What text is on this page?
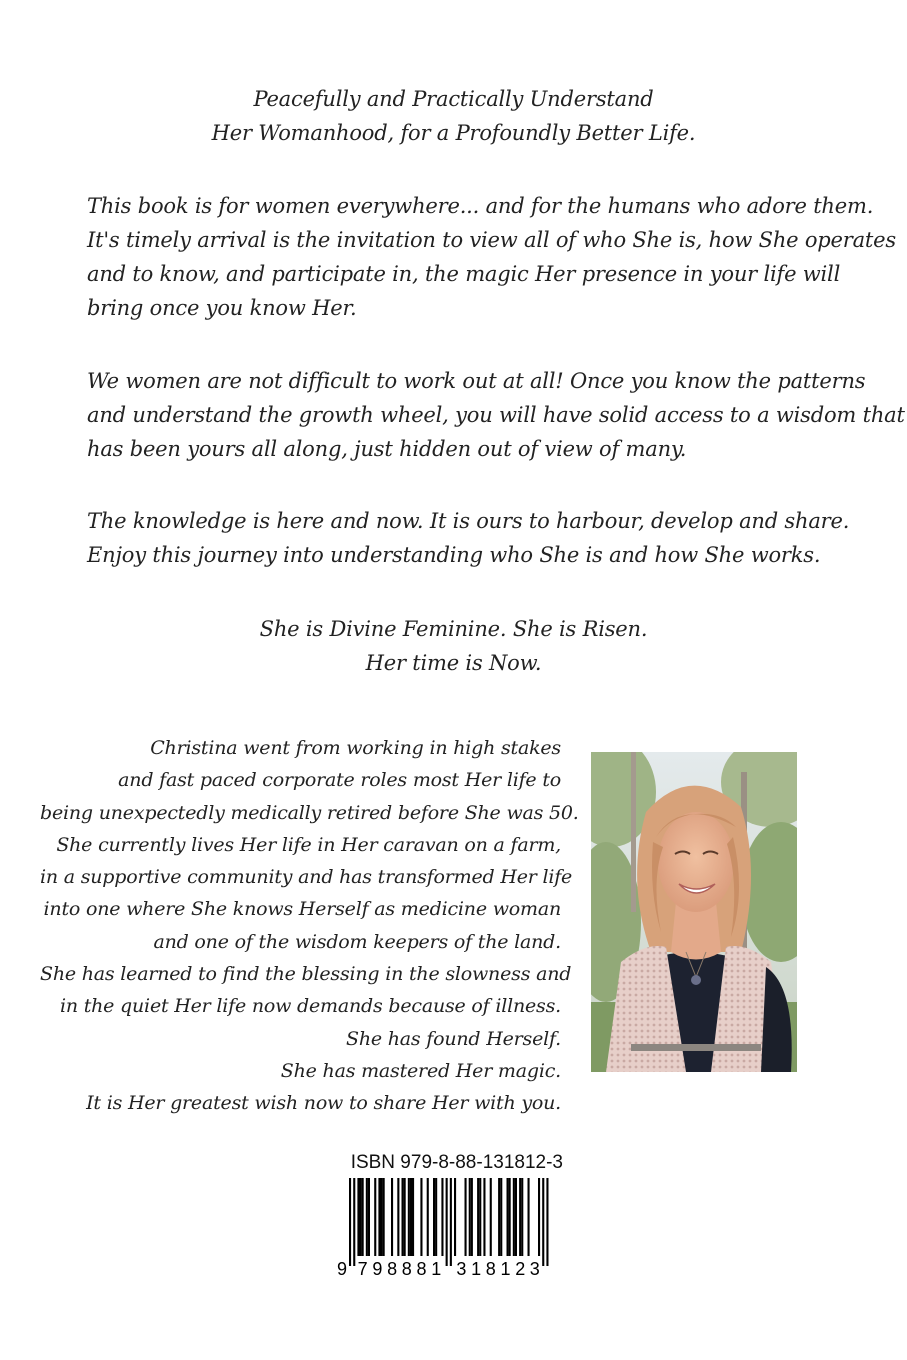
Peacefully and Practically Understand
Her Womanhood, for a Profoundly Better Life.
This book is for women everywhere... and for the humans who adore them.
It's timely arrival is the invitation to view all of who She is, how She operates
and to know, and participate in, the magic Her presence in your life will
bring once you know Her.
We women are not difficult to work out at all! Once you know the patterns
and understand the growth wheel, you will have solid access to a wisdom that
has been yours all along, just hidden out of view of many.
The knowledge is here and now. It is ours to harbour, develop and share.
Enjoy this journey into understanding who She is and how She works.
She is Divine Feminine. She is Risen.
Her time is Now.
Christina went from working in high stakes
and fast paced corporate roles most Her life to
being unexpectedly medically retired before She was 50.
She currently lives Her life in Her caravan on a farm,
in a supportive community and has transformed Her life
into one where She knows Herself as medicine woman
and one of the wisdom keepers of the land.
She has learned to find the blessing in the slowness and
in the quiet Her life now demands because of illness.
She has found Herself.
She has mastered Her magic.
It is Her greatest wish now to share Her with you.
ISBN 979-8-88-131812-3
9 7 9 8 8 8 1 3 1 8 1 2 3
